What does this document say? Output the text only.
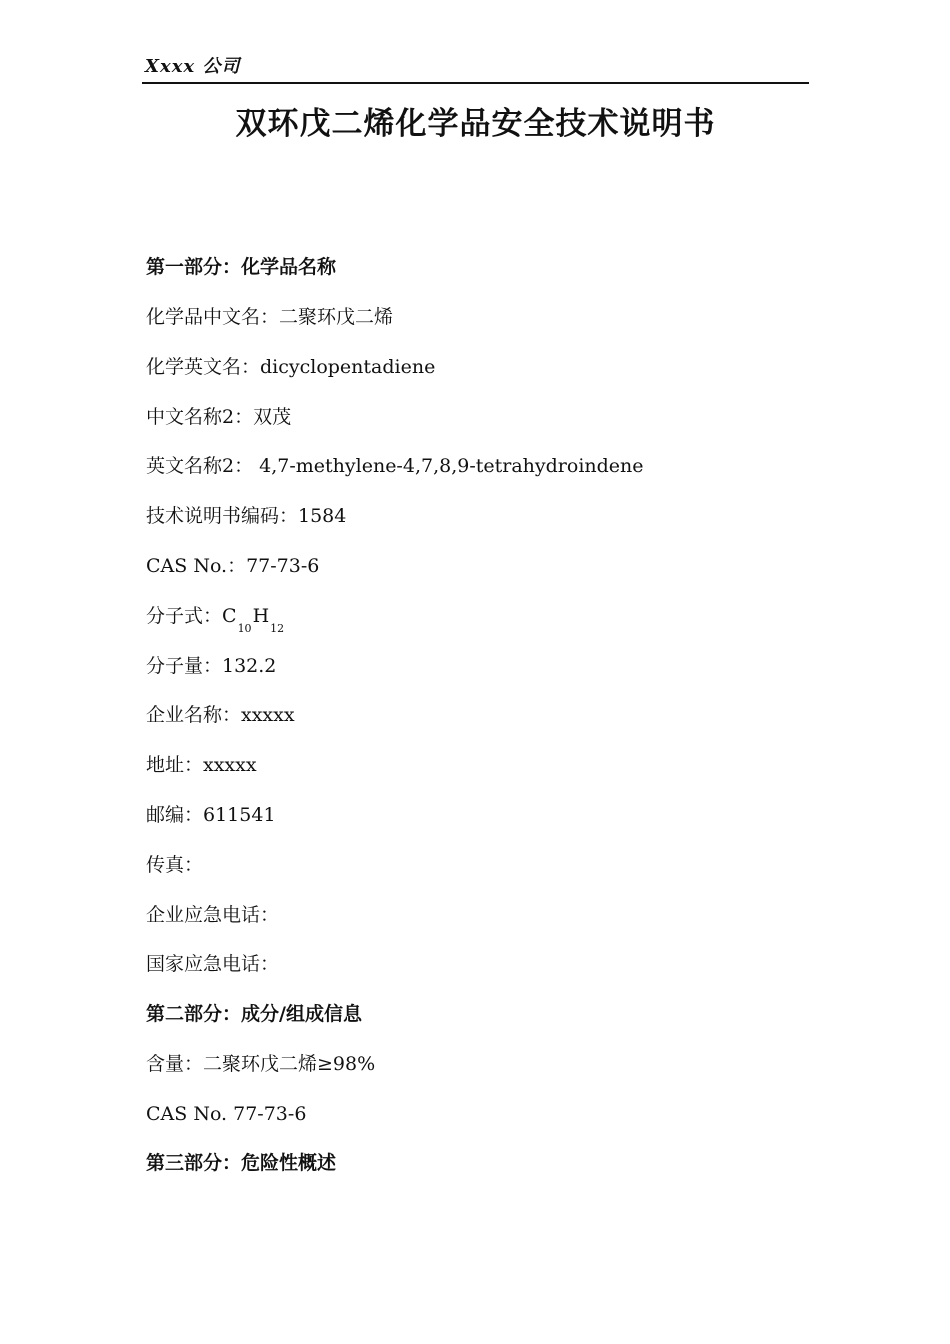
Xxxx 公司
双环戊二烯化学品安全技术说明书
第一部分：化学品名称
化学品中文名：二聚环戊二烯
化学英文名：dicyclopentadiene
中文名称2：双茂
英文名称2： 4,7-methylene-4,7,8,9-tetrahydroindene
技术说明书编码：1584
CAS No.：77-73-6
分子式：$C_{10}H_{12}$
分子量：132.2
企业名称：xxxxx
地址：xxxxx
邮编：611541
传真：
企业应急电话：
国家应急电话：
第二部分：成分/组成信息
含量：二聚环戊二烯≥98%
CAS No. 77-73-6
第三部分：危险性概述
